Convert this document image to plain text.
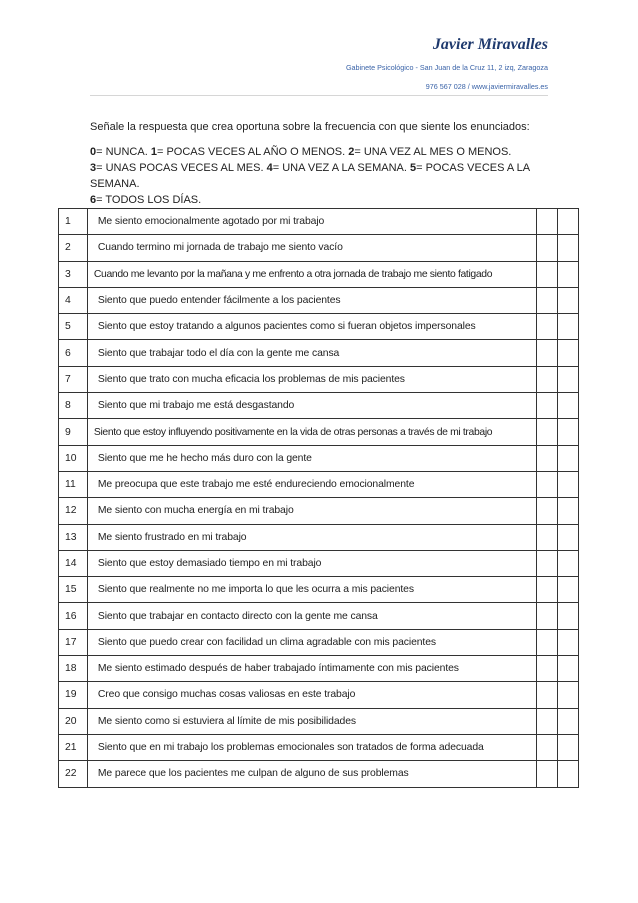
Javier Miravalles
Gabinete Psicológico - San Juan de la Cruz 11, 2 izq, Zaragoza
976 567 028 / www.javiermiravalles.es
Señale la respuesta que crea oportuna sobre la frecuencia con que siente los enunciados:
0= NUNCA. 1= POCAS VECES AL AÑO O MENOS. 2= UNA VEZ AL MES O MENOS.
3= UNAS POCAS VECES AL MES. 4= UNA VEZ A LA SEMANA. 5= POCAS VECES A LA SEMANA.
6= TODOS LOS DÍAS.
1	Me siento emocionalmente agotado por mi trabajo		
2	Cuando termino mi jornada de trabajo me siento vacío		
3	Cuando me levanto por la mañana y me enfrento a otra jornada de trabajo me siento fatigado		
4	Siento que puedo entender fácilmente a los pacientes		
5	Siento que estoy tratando a algunos pacientes como si fueran objetos impersonales		
6	Siento que trabajar todo el día con la gente me cansa		
7	Siento que trato con mucha eficacia los problemas de mis pacientes		
8	Siento que mi trabajo me está desgastando		
9	Siento que estoy influyendo positivamente en la vida de otras personas a través de mi trabajo		
10	Siento que me he hecho más duro con la gente		
11	Me preocupa que este trabajo me esté endureciendo emocionalmente		
12	Me siento con mucha energía en mi trabajo		
13	Me siento frustrado en mi trabajo		
14	Siento que estoy demasiado tiempo en mi trabajo		
15	Siento que realmente no me importa lo que les ocurra a mis pacientes		
16	Siento que trabajar en contacto directo con la gente me cansa		
17	Siento que puedo crear con facilidad un clima agradable con mis pacientes		
18	Me siento estimado después de haber trabajado íntimamente con mis pacientes		
19	Creo que consigo muchas cosas valiosas en este trabajo		
20	Me siento como si estuviera al límite de mis posibilidades		
21	Siento que en mi trabajo los problemas emocionales son tratados de forma adecuada		
22	Me parece que los pacientes me culpan de alguno de sus problemas		
